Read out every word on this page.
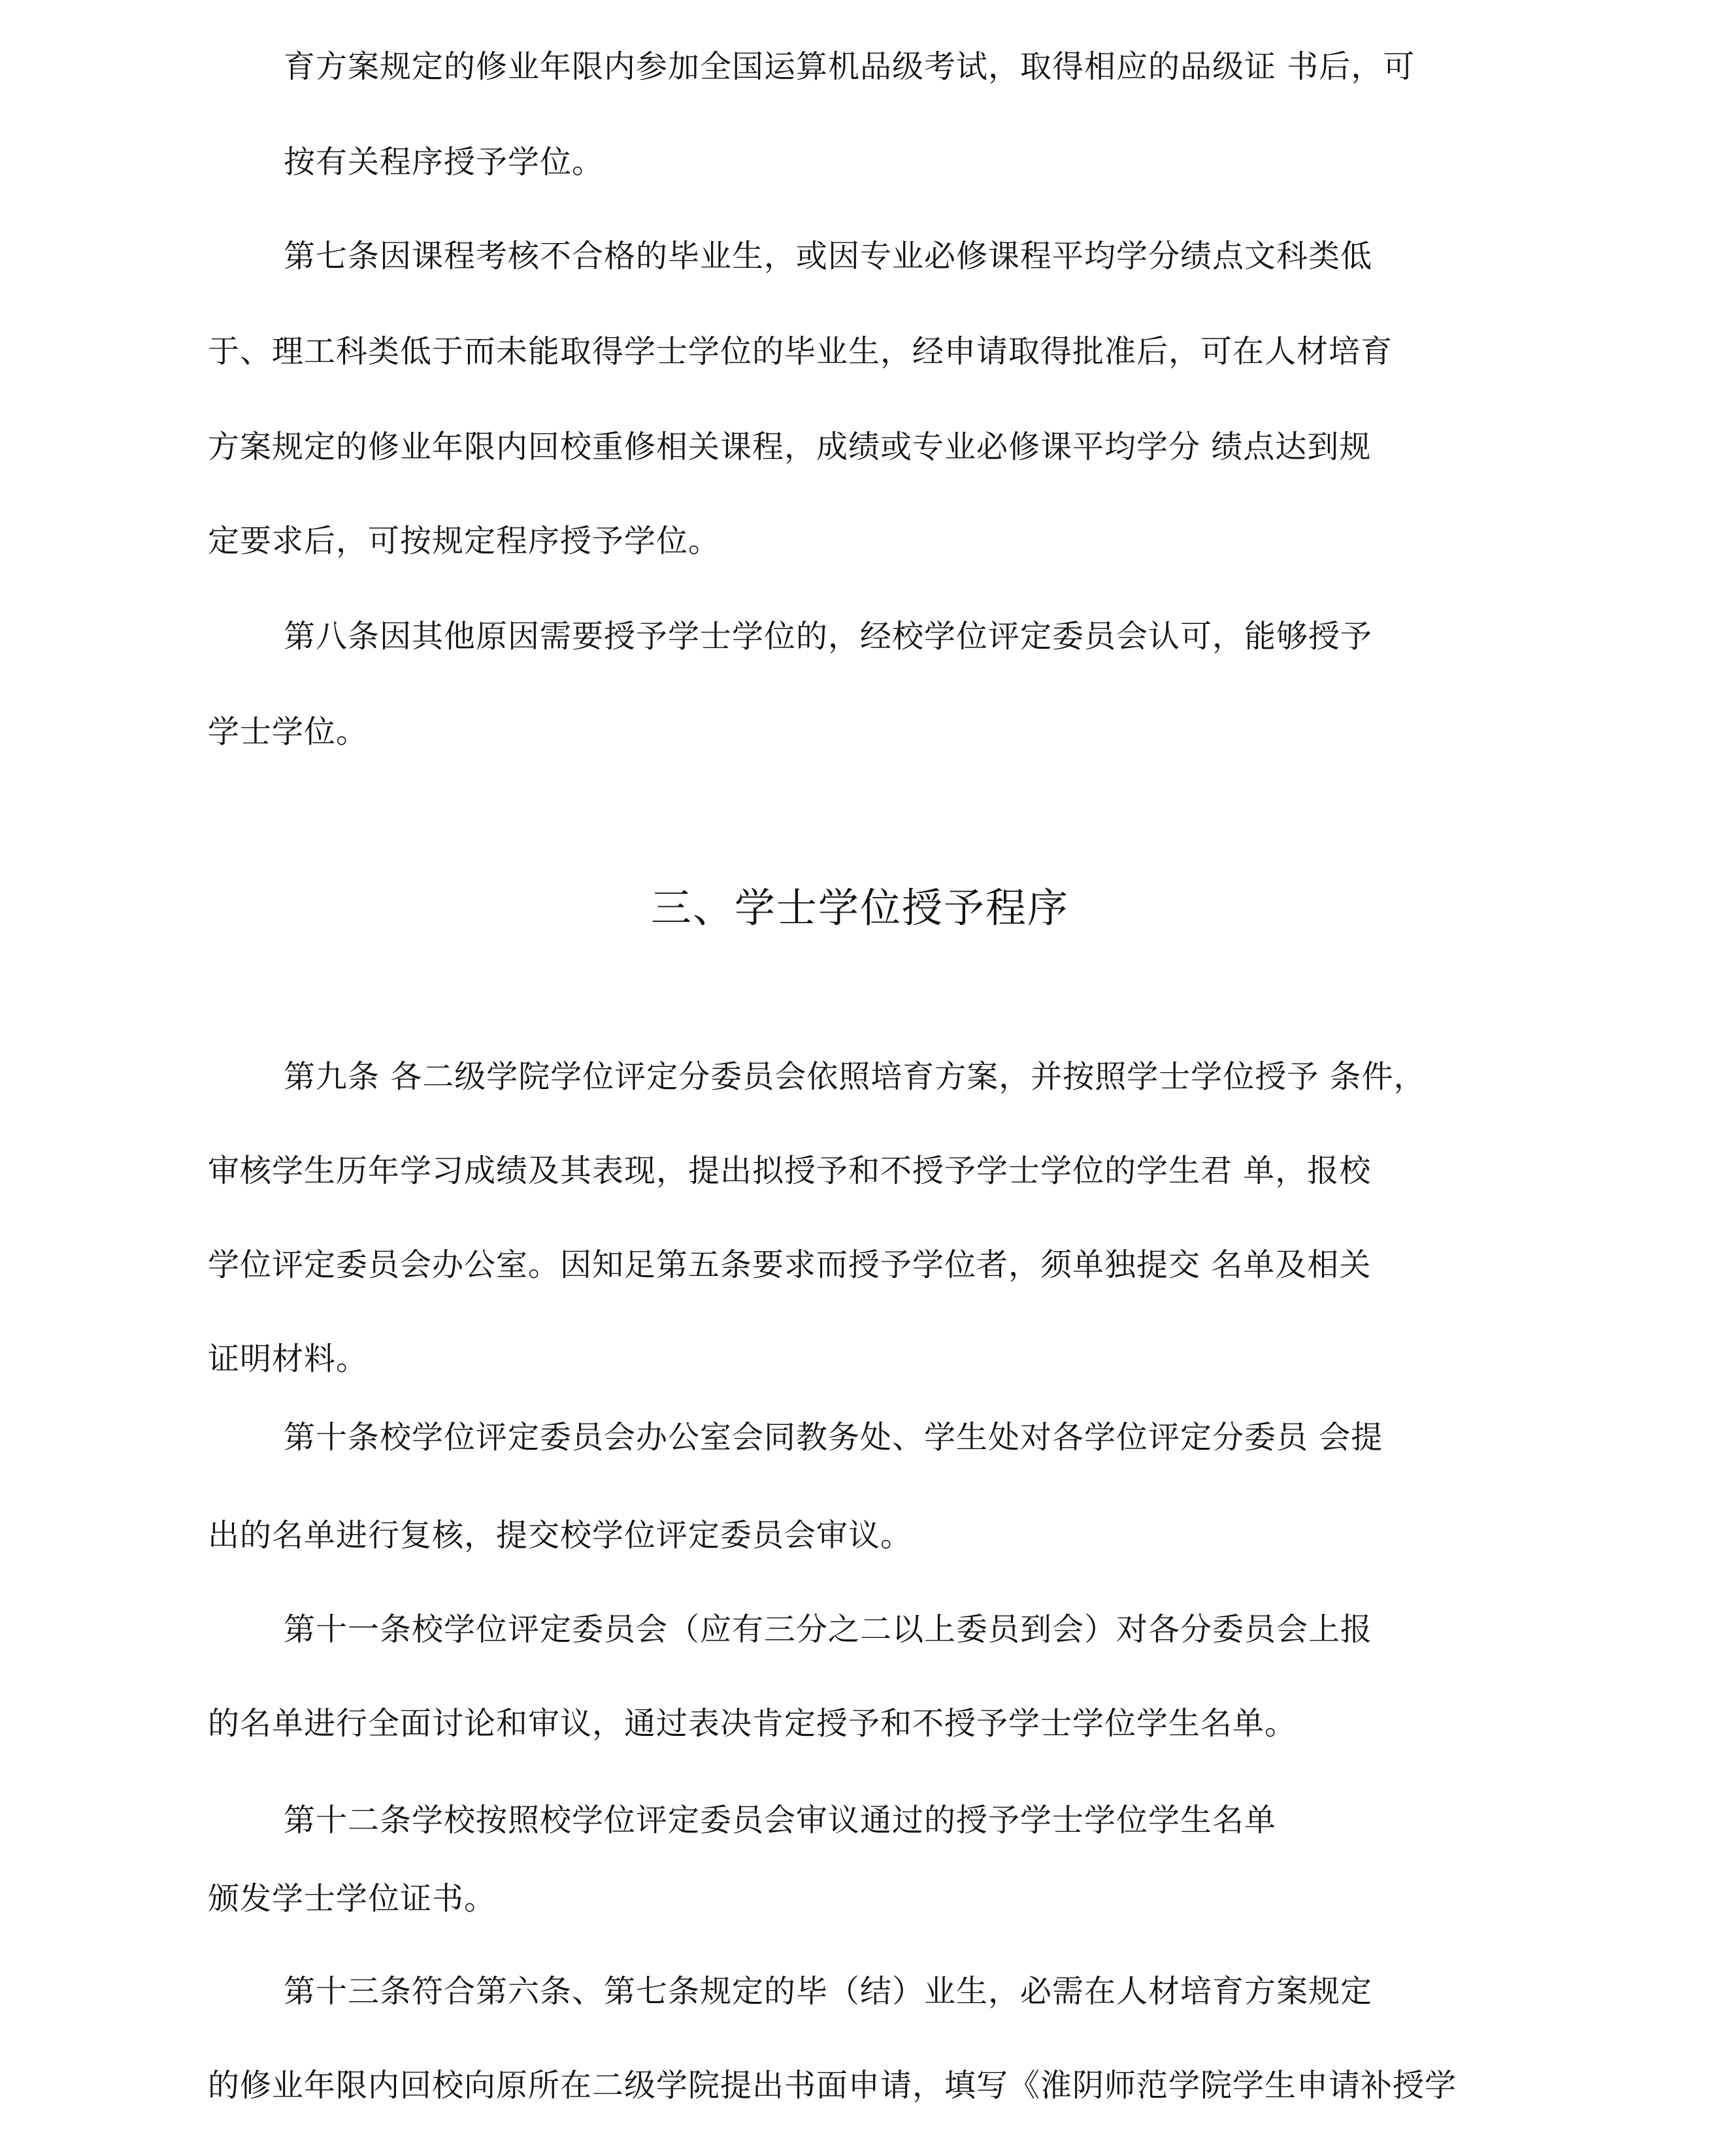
育方案规定的修业年限内参加全国运算机品级考试，取得相应的品级证 书后，可
按有关程序授予学位。
第七条因课程考核不合格的毕业生，或因专业必修课程平均学分绩点文科类低
于、理工科类低于而未能取得学士学位的毕业生，经申请取得批准后，可在人材培育
方案规定的修业年限内回校重修相关课程，成绩或专业必修课平均学分 绩点达到规
定要求后，可按规定程序授予学位。
第八条因其他原因需要授予学士学位的，经校学位评定委员会认可，能够授予
学士学位。
三、学士学位授予程序
第九条 各二级学院学位评定分委员会依照培育方案，并按照学士学位授予 条件，
审核学生历年学习成绩及其表现，提出拟授予和不授予学士学位的学生君 单，报校
学位评定委员会办公室。因知足第五条要求而授予学位者，须单独提交 名单及相关
证明材料。
第十条校学位评定委员会办公室会同教务处、学生处对各学位评定分委员 会提
出的名单进行复核，提交校学位评定委员会审议。
第十一条校学位评定委员会（应有三分之二以上委员到会）对各分委员会上报
的名单进行全面讨论和审议，通过表决肯定授予和不授予学士学位学生名单。
第十二条学校按照校学位评定委员会审议通过的授予学士学位学生名单
颁发学士学位证书。
第十三条符合第六条、第七条规定的毕（结）业生，必需在人材培育方案规定
的修业年限内回校向原所在二级学院提出书面申请，填写《淮阴师范学院学生申请补授学
